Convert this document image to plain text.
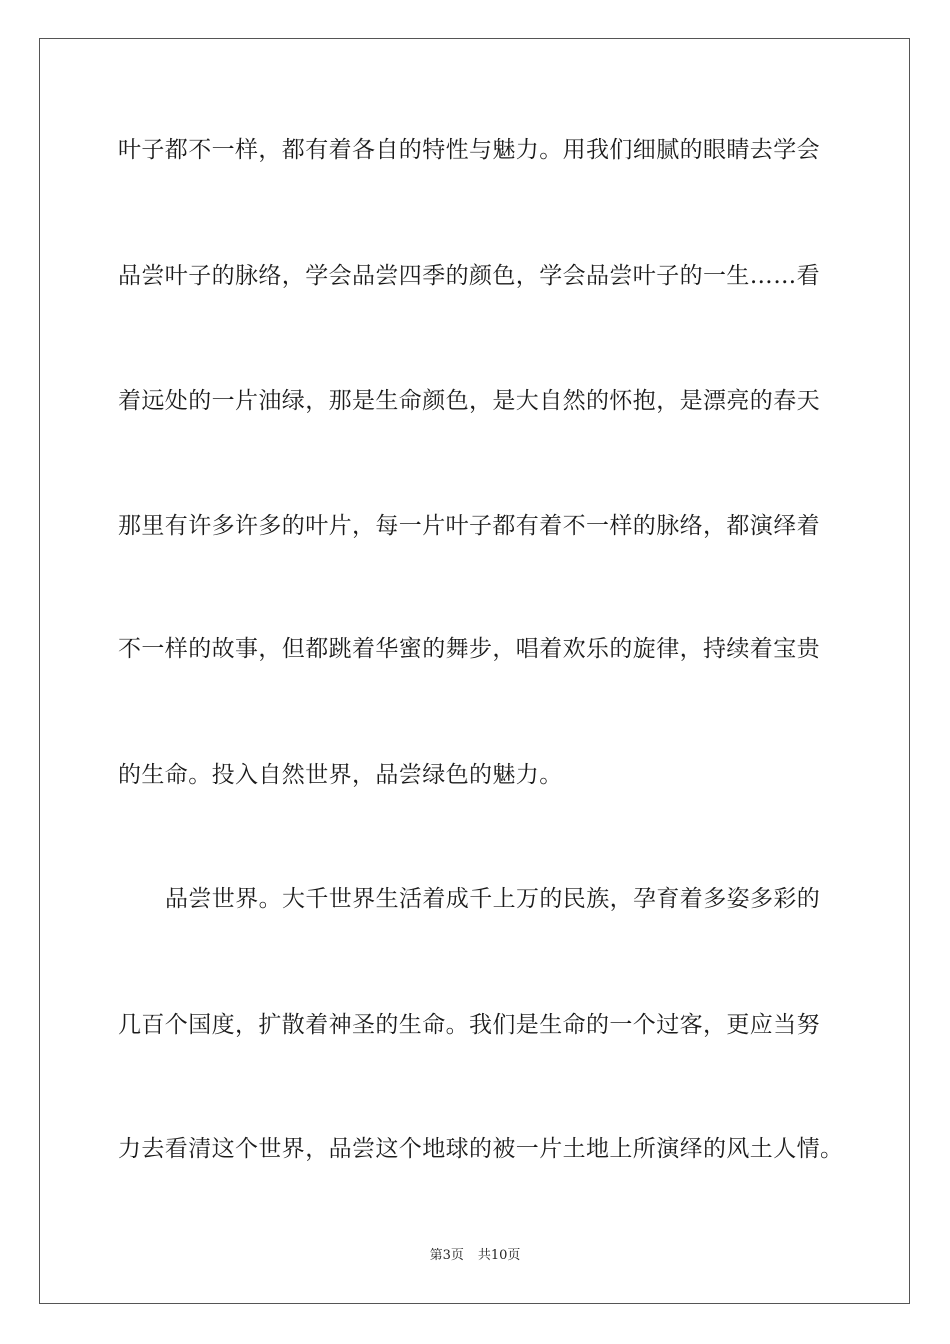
叶子都不一样，都有着各自的特性与魅力。用我们细腻的眼睛去学会
品尝叶子的脉络，学会品尝四季的颜色，学会品尝叶子的一生……看
着远处的一片油绿，那是生命颜色，是大自然的怀抱，是漂亮的春天
那里有许多许多的叶片，每一片叶子都有着不一样的脉络，都演绎着
不一样的故事，但都跳着华蜜的舞步，唱着欢乐的旋律，持续着宝贵
的生命。投入自然世界，品尝绿色的魅力。
品尝世界。大千世界生活着成千上万的民族，孕育着多姿多彩的
几百个国度，扩散着神圣的生命。我们是生命的一个过客，更应当努
力去看清这个世界，品尝这个地球的被一片土地上所演绎的风土人情。
第3页 共10页
